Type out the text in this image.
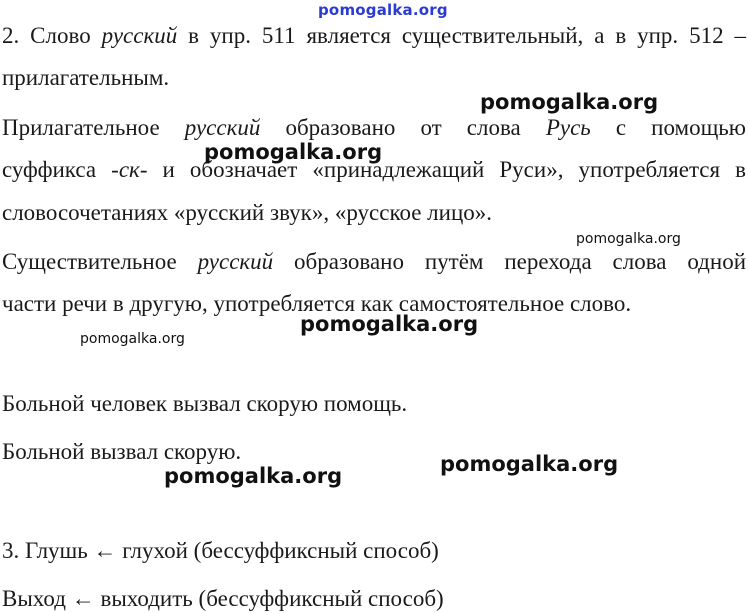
pomogalka.org

2. Слово русский в упр. 511 является существительный, а в упр. 512 –

прилагательным.

Прилагательное русский образовано от слова Русь с помощью

суффикса -ск- и обозначает «принадлежащий Руси», употребляется в

словосочетаниях «русский звук», «русское лицо».

Существительное русский образовано путём перехода слова одной

части речи в другую, употребляется как самостоятельное слово.

Больной человек вызвал скорую помощь.

Больной вызвал скорую.

3. Глушь ← глухой (бессуффиксный способ)

Выход ← выходить (бессуффиксный способ)

pomogalka.org
pomogalka.org
pomogalka.org
pomogalka.org
pomogalka.org
pomogalka.org
pomogalka.org
